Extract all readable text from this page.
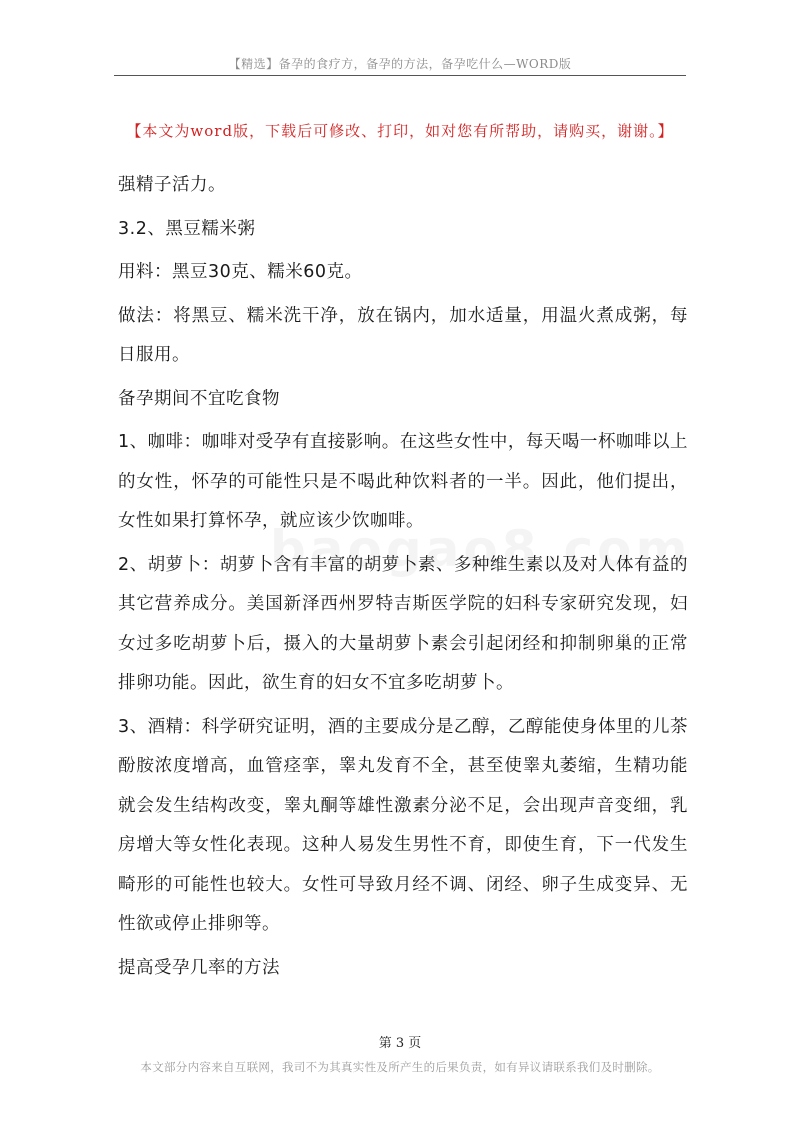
【精选】备孕的食疗方，备孕的方法，备孕吃什么—WORD版
【本文为word版，下载后可修改、打印，如对您有所帮助，请购买，谢谢。】

强精子活力。

3.2、黑豆糯米粥

用料：黑豆30克、糯米60克。

做法：将黑豆、糯米洗干净，放在锅内，加水适量，用温火煮成粥，每日服用。

备孕期间不宜吃食物

1、咖啡：咖啡对受孕有直接影响。在这些女性中，每天喝一杯咖啡以上的女性，怀孕的可能性只是不喝此种饮料者的一半。因此，他们提出，女性如果打算怀孕，就应该少饮咖啡。

2、胡萝卜：胡萝卜含有丰富的胡萝卜素、多种维生素以及对人体有益的其它营养成分。美国新泽西州罗特吉斯医学院的妇科专家研究发现，妇女过多吃胡萝卜后，摄入的大量胡萝卜素会引起闭经和抑制卵巢的正常排卵功能。因此，欲生育的妇女不宜多吃胡萝卜。

3、酒精：科学研究证明，酒的主要成分是乙醇，乙醇能使身体里的儿茶酚胺浓度增高，血管痉挛，睾丸发育不全，甚至使睾丸萎缩，生精功能就会发生结构改变，睾丸酮等雄性激素分泌不足，会出现声音变细，乳房增大等女性化表现。这种人易发生男性不育，即使生育，下一代发生畸形的可能性也较大。女性可导致月经不调、闭经、卵子生成变异、无性欲或停止排卵等。

提高受孕几率的方法

第 3 页
本文部分内容来自互联网，我司不为其真实性及所产生的后果负责，如有异议请联系我们及时删除。
